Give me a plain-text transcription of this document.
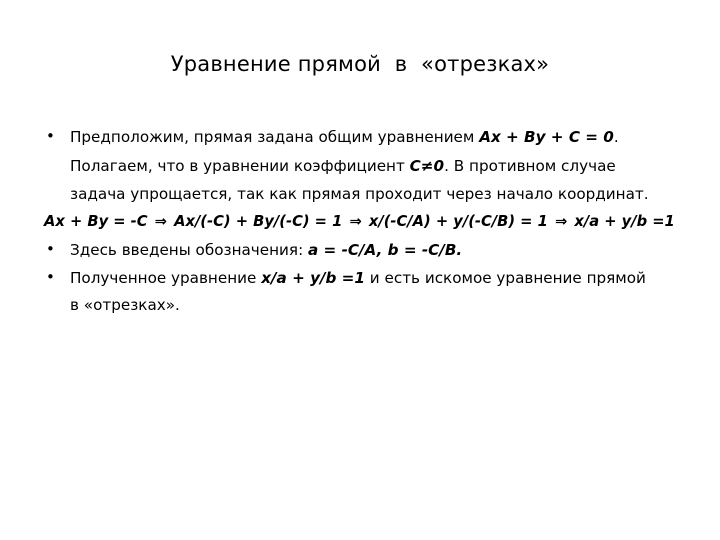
Уравнение прямой  в  «отрезках»
• Предположим, прямая задана общим уравнением Ax + By + C = 0.
Полагаем, что в уравнении коэффициент C≠0. В противном случае
задача упрощается, так как прямая проходит через начало координат.
Ax + By = -C ⇒ Ax/(-C) + By/(-C) = 1 ⇒ x/(-C/A) + y/(-C/B) = 1 ⇒ x/a + y/b =1
• Здесь введены обозначения: a = -C/A, b = -C/B.
• Полученное уравнение x/a + y/b =1 и есть искомое уравнение прямой
в «отрезках».
